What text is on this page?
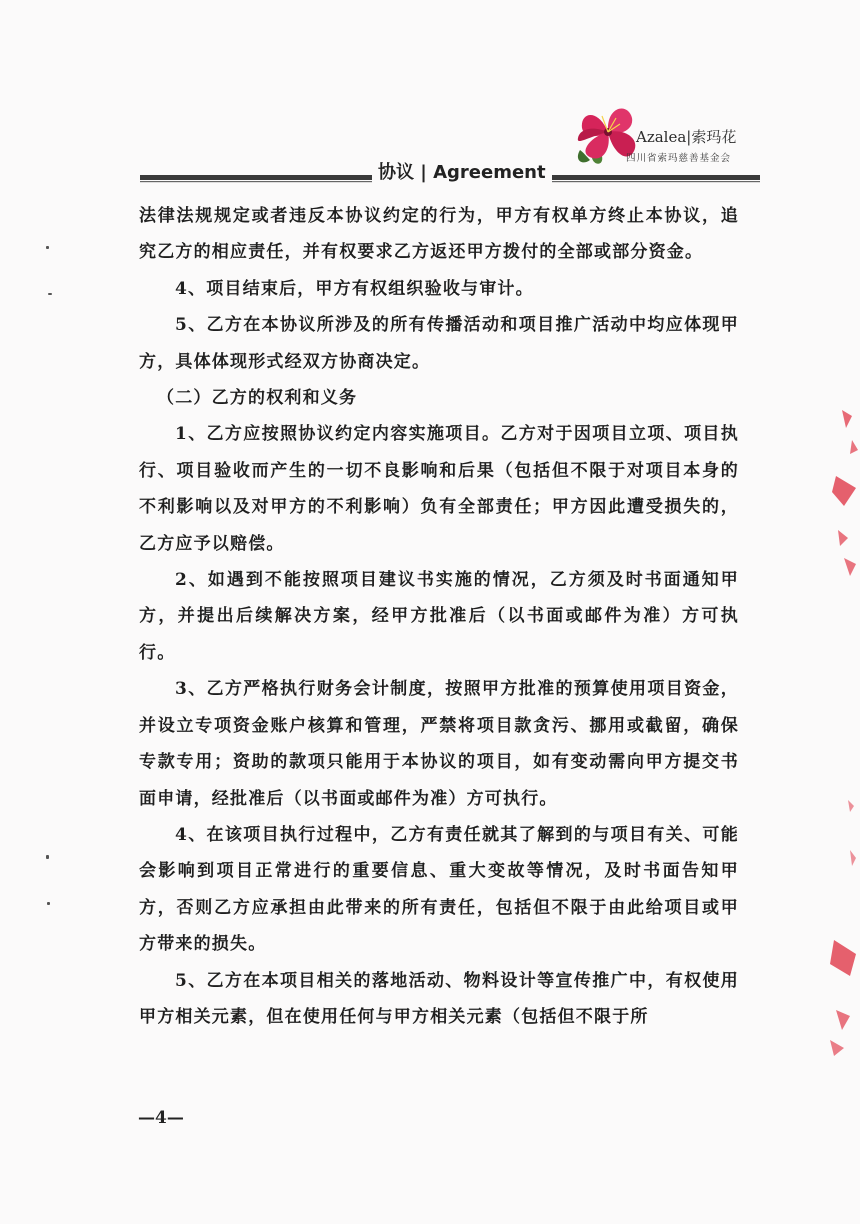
Azalea|索玛花
四川省索玛慈善基金会
协议 | Agreement

法律法规规定或者违反本协议约定的行为，甲方有权单方终止本协议，追究乙方的相应责任，并有权要求乙方返还甲方拨付的全部或部分资金。

4、项目结束后，甲方有权组织验收与审计。

5、乙方在本协议所涉及的所有传播活动和项目推广活动中均应体现甲方，具体体现形式经双方协商决定。

（二）乙方的权利和义务

1、乙方应按照协议约定内容实施项目。乙方对于因项目立项、项目执行、项目验收而产生的一切不良影响和后果（包括但不限于对项目本身的不利影响以及对甲方的不利影响）负有全部责任；甲方因此遭受损失的，乙方应予以赔偿。

2、如遇到不能按照项目建议书实施的情况，乙方须及时书面通知甲方，并提出后续解决方案，经甲方批准后（以书面或邮件为准）方可执行。

3、乙方严格执行财务会计制度，按照甲方批准的预算使用项目资金，并设立专项资金账户核算和管理，严禁将项目款贪污、挪用或截留，确保专款专用；资助的款项只能用于本协议的项目，如有变动需向甲方提交书面申请，经批准后（以书面或邮件为准）方可执行。

4、在该项目执行过程中，乙方有责任就其了解到的与项目有关、可能会影响到项目正常进行的重要信息、重大变故等情况，及时书面告知甲方，否则乙方应承担由此带来的所有责任，包括但不限于由此给项目或甲方带来的损失。

5、乙方在本项目相关的落地活动、物料设计等宣传推广中，有权使用甲方相关元素，但在使用任何与甲方相关元素（包括但不限于所

—4—
